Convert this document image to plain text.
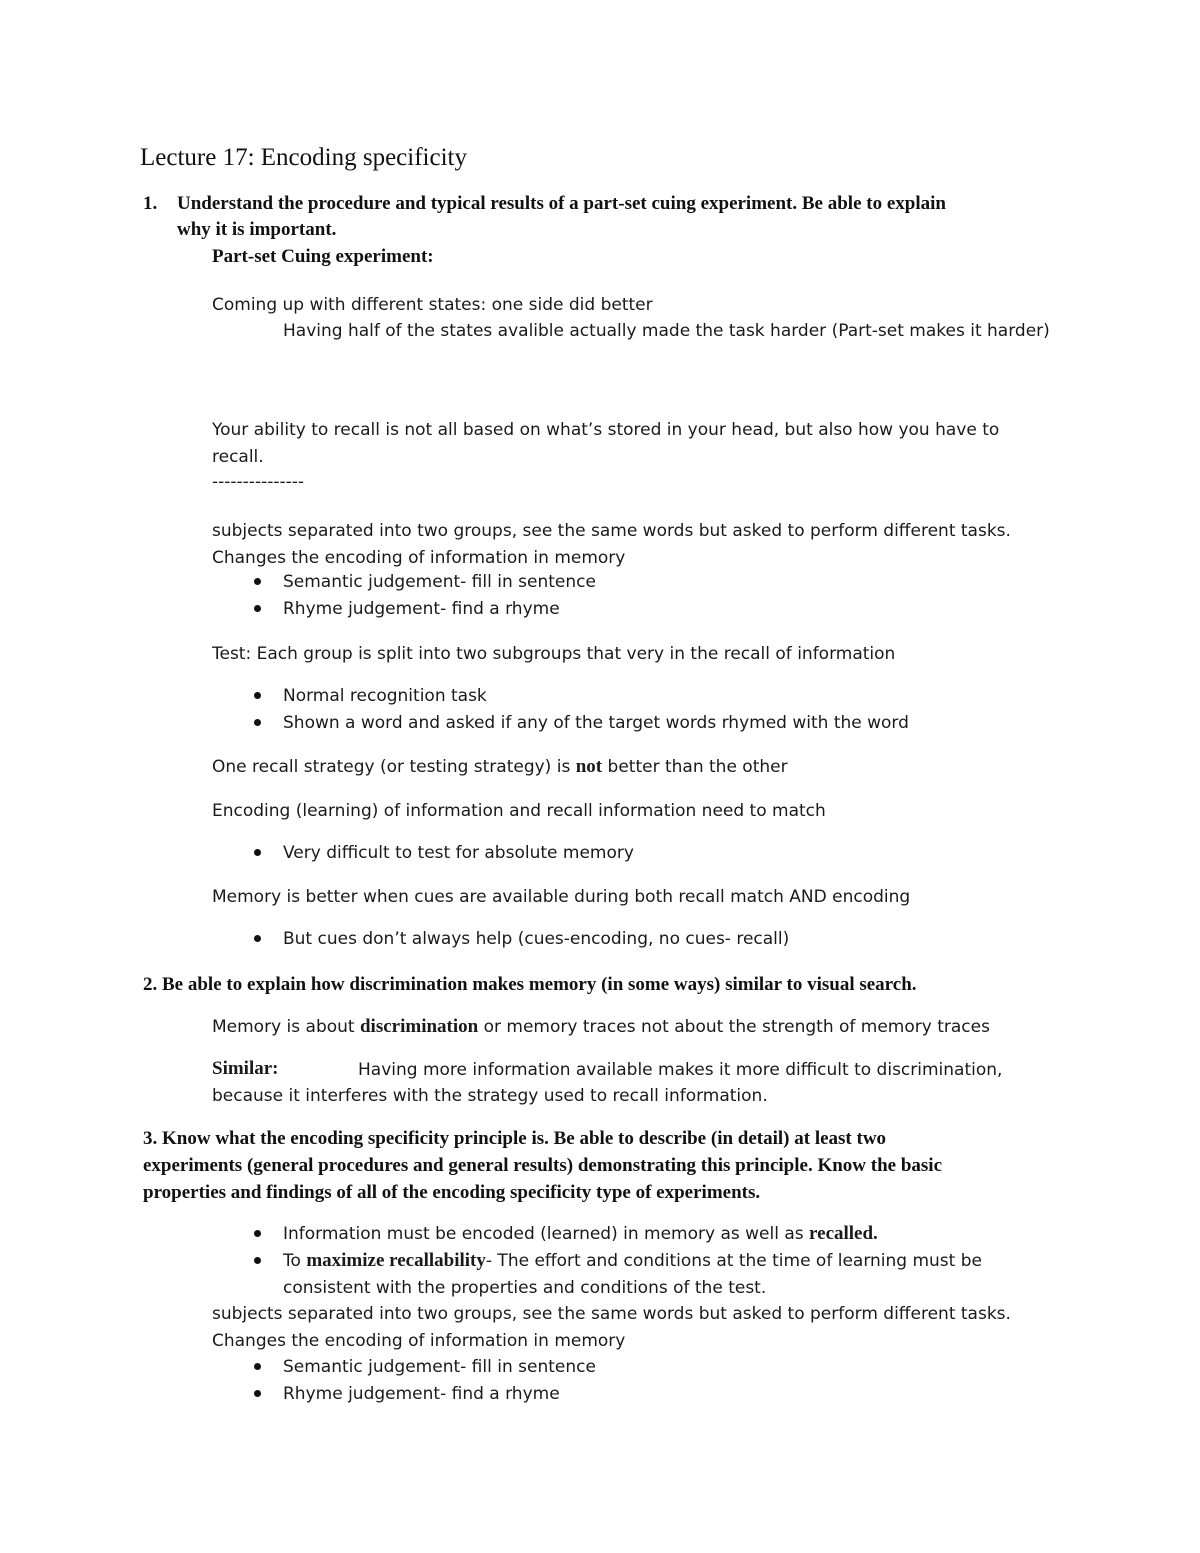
Lecture 17: Encoding specificity
1. Understand the procedure and typical results of a part-set cuing experiment. Be able to explain
why it is important.
Part-set Cuing experiment:
Coming up with different states: one side did better
Having half of the states avalible actually made the task harder (Part-set makes it harder)
Your ability to recall is not all based on what’s stored in your head, but also how you have to
recall.
---------------
subjects separated into two groups, see the same words but asked to perform different tasks.
Changes the encoding of information in memory
Semantic judgement- fill in sentence
Rhyme judgement- find a rhyme
Test: Each group is split into two subgroups that very in the recall of information
Normal recognition task
Shown a word and asked if any of the target words rhymed with the word
One recall strategy (or testing strategy) is not better than the other
Encoding (learning) of information and recall information need to match
Very difficult to test for absolute memory
Memory is better when cues are available during both recall match AND encoding
But cues don’t always help (cues-encoding, no cues- recall)
2. Be able to explain how discrimination makes memory (in some ways) similar to visual search.
Memory is about discrimination or memory traces not about the strength of memory traces
Similar:	Having more information available makes it more difficult to discrimination,
because it interferes with the strategy used to recall information.
3. Know what the encoding specificity principle is. Be able to describe (in detail) at least two
experiments (general procedures and general results) demonstrating this principle. Know the basic
properties and findings of all of the encoding specificity type of experiments.
Information must be encoded (learned) in memory as well as recalled.
To maximize recallability- The effort and conditions at the time of learning must be
consistent with the properties and conditions of the test.
subjects separated into two groups, see the same words but asked to perform different tasks.
Changes the encoding of information in memory
Semantic judgement- fill in sentence
Rhyme judgement- find a rhyme
